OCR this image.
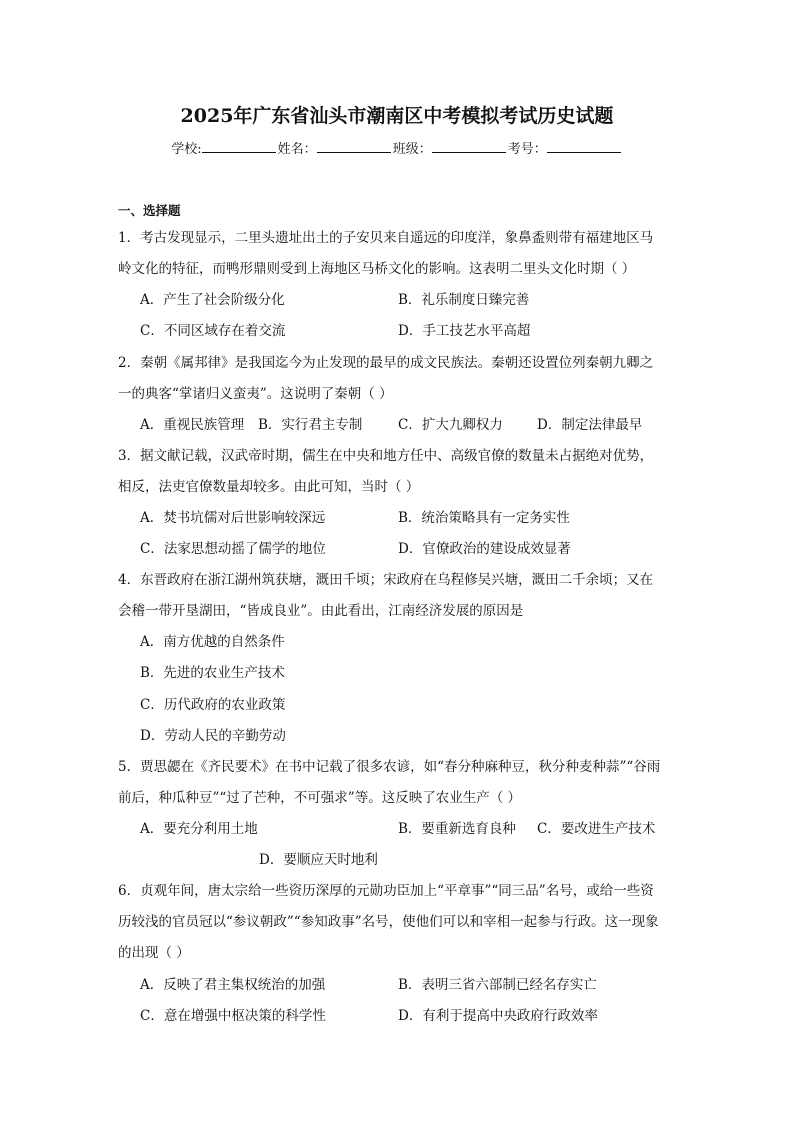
2025年广东省汕头市潮南区中考模拟考试历史试题
学校:	姓名：	班级：	考号：
一、选择题
1．考古发现显示，二里头遗址出土的子安贝来自遥远的印度洋，象鼻盉则带有福建地区马
岭文化的特征，而鸭形鼎则受到上海地区马桥文化的影响。这表明二里头文化时期（ ）
A．产生了社会阶级分化	B．礼乐制度日臻完善
C．不同区域存在着交流	D．手工技艺水平高超
2．秦朝《属邦律》是我国迄今为止发现的最早的成文民族法。秦朝还设置位列秦朝九卿之
一的典客“掌诸归义蛮夷”。这说明了秦朝（ ）
A．重视民族管理 B．实行君主专制	C．扩大九卿权力	D．制定法律最早
3．据文献记载，汉武帝时期，儒生在中央和地方任中、高级官僚的数量未占据绝对优势，
相反，法吏官僚数量却较多。由此可知，当时（ ）
A．焚书坑儒对后世影响较深远	B．统治策略具有一定务实性
C．法家思想动摇了儒学的地位	D．官僚政治的建设成效显著
4．东晋政府在浙江湖州筑获塘，溉田千顷；宋政府在乌程修吴兴塘，溉田二千余顷；又在
会稽一带开垦湖田，“皆成良业”。由此看出，江南经济发展的原因是
A．南方优越的自然条件
B．先进的农业生产技术
C．历代政府的农业政策
D．劳动人民的辛勤劳动
5．贾思勰在《齐民要术》在书中记载了很多农谚，如“春分种麻种豆，秋分种麦种蒜”“谷雨
前后，种瓜种豆”“过了芒种，不可强求”等。这反映了农业生产（ ）
A．要充分利用土地	B．要重新选育良种 C．要改进生产技术
D．要顺应天时地利
6．贞观年间，唐太宗给一些资历深厚的元勋功臣加上“平章事”“同三品”名号，或给一些资
历较浅的官员冠以“参议朝政”“参知政事”名号，使他们可以和宰相一起参与行政。这一现象
的出现（ ）
A．反映了君主集权统治的加强	B．表明三省六部制已经名存实亡
C．意在增强中枢决策的科学性	D．有利于提高中央政府行政效率
